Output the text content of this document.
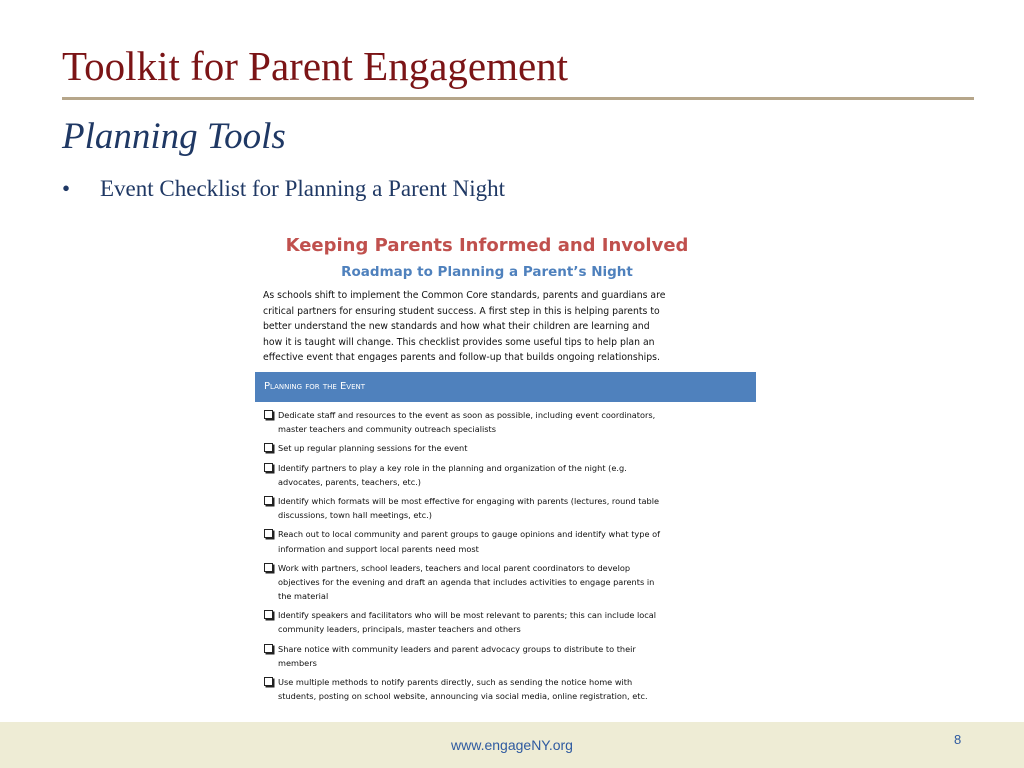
Toolkit for Parent Engagement
Planning Tools
• Event Checklist for Planning a Parent Night
Keeping Parents Informed and Involved
Roadmap to Planning a Parent’s Night
As schools shift to implement the Common Core standards, parents and guardians are
critical partners for ensuring student success. A first step in this is helping parents to
better understand the new standards and how what their children are learning and
how it is taught will change. This checklist provides some useful tips to help plan an
effective event that engages parents and follow-up that builds ongoing relationships.
Planning for the Event
Dedicate staff and resources to the event as soon as possible, including event coordinators,
master teachers and community outreach specialists
Set up regular planning sessions for the event
Identify partners to play a key role in the planning and organization of the night (e.g.
advocates, parents, teachers, etc.)
Identify which formats will be most effective for engaging with parents (lectures, round table
discussions, town hall meetings, etc.)
Reach out to local community and parent groups to gauge opinions and identify what type of
information and support local parents need most
Work with partners, school leaders, teachers and local parent coordinators to develop
objectives for the evening and draft an agenda that includes activities to engage parents in
the material
Identify speakers and facilitators who will be most relevant to parents; this can include local
community leaders, principals, master teachers and others
Share notice with community leaders and parent advocacy groups to distribute to their
members
Use multiple methods to notify parents directly, such as sending the notice home with
students, posting on school website, announcing via social media, online registration, etc.
www.engageNY.org	8
